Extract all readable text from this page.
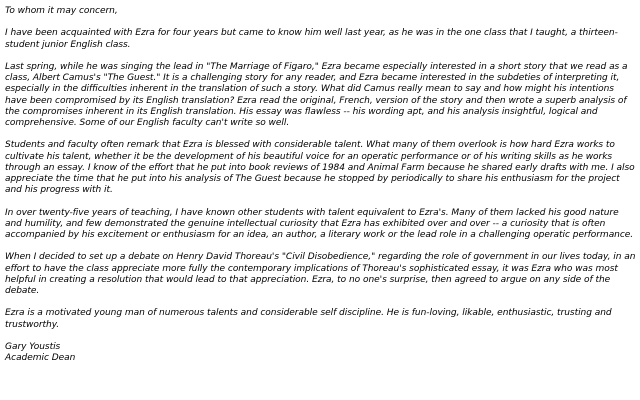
To whom it may concern,

I have been acquainted with Ezra for four years but came to know him well last year, as he was in the one class that I taught, a thirteen-student junior English class.

Last spring, while he was singing the lead in "The Marriage of Figaro," Ezra became especially interested in a short story that we read as a class, Albert Camus's "The Guest." It is a challenging story for any reader, and Ezra became interested in the subdeties of interpreting it, especially in the difficulties inherent in the translation of such a story. What did Camus really mean to say and how might his intentions have been compromised by its English translation? Ezra read the original, French, version of the story and then wrote a superb analysis of the compromises inherent in its English translation. His essay was flawless -- his wording apt, and his analysis insightful, logical and comprehensive. Some of our English faculty can't write so well.

Students and faculty often remark that Ezra is blessed with considerable talent. What many of them overlook is how hard Ezra works to cultivate his talent, whether it be the development of his beautiful voice for an operatic performance or of his writing skills as he works through an essay. I know of the effort that he put into book reviews of 1984 and Animal Farm because he shared early drafts with me. I also appreciate the time that he put into his analysis of The Guest because he stopped by periodically to share his enthusiasm for the project and his progress with it.

In over twenty-five years of teaching, I have known other students with talent equivalent to Ezra's. Many of them lacked his good nature and humility, and few demonstrated the genuine intellectual curiosity that Ezra has exhibited over and over -- a curiosity that is often accompanied by his excitement or enthusiasm for an idea, an author, a literary work or the lead role in a challenging operatic performance.

When I decided to set up a debate on Henry David Thoreau's "Civil Disobedience," regarding the role of government in our lives today, in an effort to have the class appreciate more fully the contemporary implications of Thoreau's sophisticated essay, it was Ezra who was most helpful in creating a resolution that would lead to that appreciation. Ezra, to no one's surprise, then agreed to argue on any side of the debate.

Ezra is a motivated young man of numerous talents and considerable self discipline. He is fun-loving, likable, enthusiastic, trusting and trustworthy.

Gary Youstis

Academic Dean
